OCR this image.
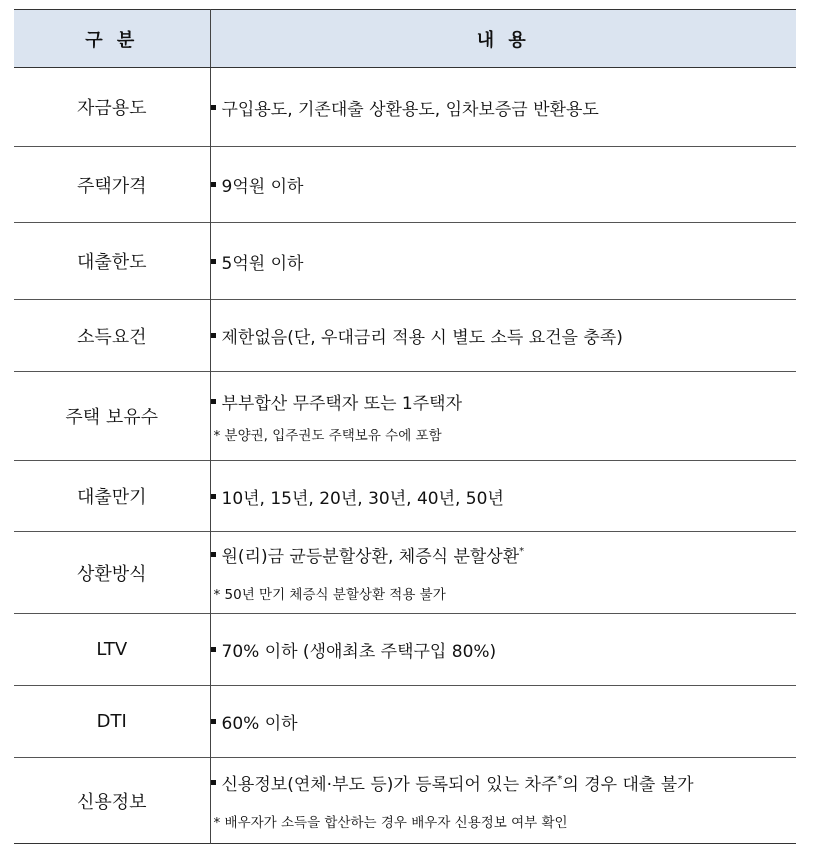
구 분	내 용
자금용도	구입용도, 기존대출 상환용도, 임차보증금 반환용도

주택가격	9억원 이하

대출한도	5억원 이하

소득요건	제한없음(단, 우대금리 적용 시 별도 소득 요건을 충족)

주택 보유수	부부합산 무주택자 또는 1주택자
* 분양권, 입주권도 주택보유 수에 포함

대출만기	10년, 15년, 20년, 30년, 40년, 50년

상환방식	원(리)금 균등분할상환, 체증식 분할상환*
* 50년 만기 체증식 분할상환 적용 불가

LTV	70% 이하 (생애최초 주택구입 80%)

DTI	60% 이하

신용정보	신용정보(연체·부도 등)가 등록되어 있는 차주* 의 경우 대출 불가
* 배우자가 소득을 합산하는 경우 배우자 신용정보 여부 확인
